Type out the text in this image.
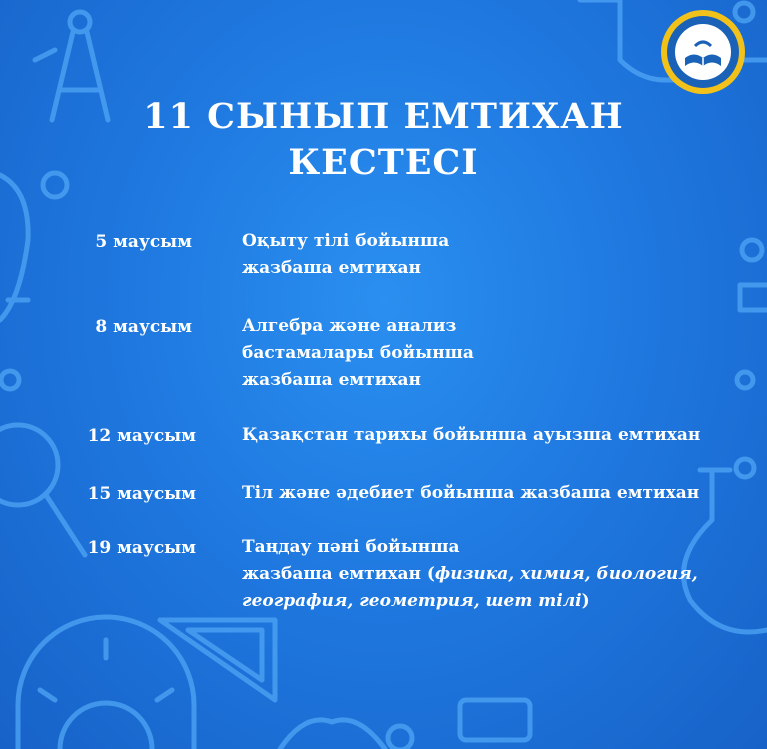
11 СЫНЫП ЕМТИХАН
КЕСТЕСІ
5 маусым	Оқыту тілі бойынша
жазбаша емтихан
8 маусым	Алгебра және анализ
бастамалары бойынша
жазбаша емтихан
12 маусым	Қазақстан тарихы бойынша ауызша емтихан
15 маусым	Тіл және әдебиет бойынша жазбаша емтихан
19 маусым	Таңдау пәні бойынша
жазбаша емтихан (физика, химия, биология,
география, геометрия, шет тілі)
